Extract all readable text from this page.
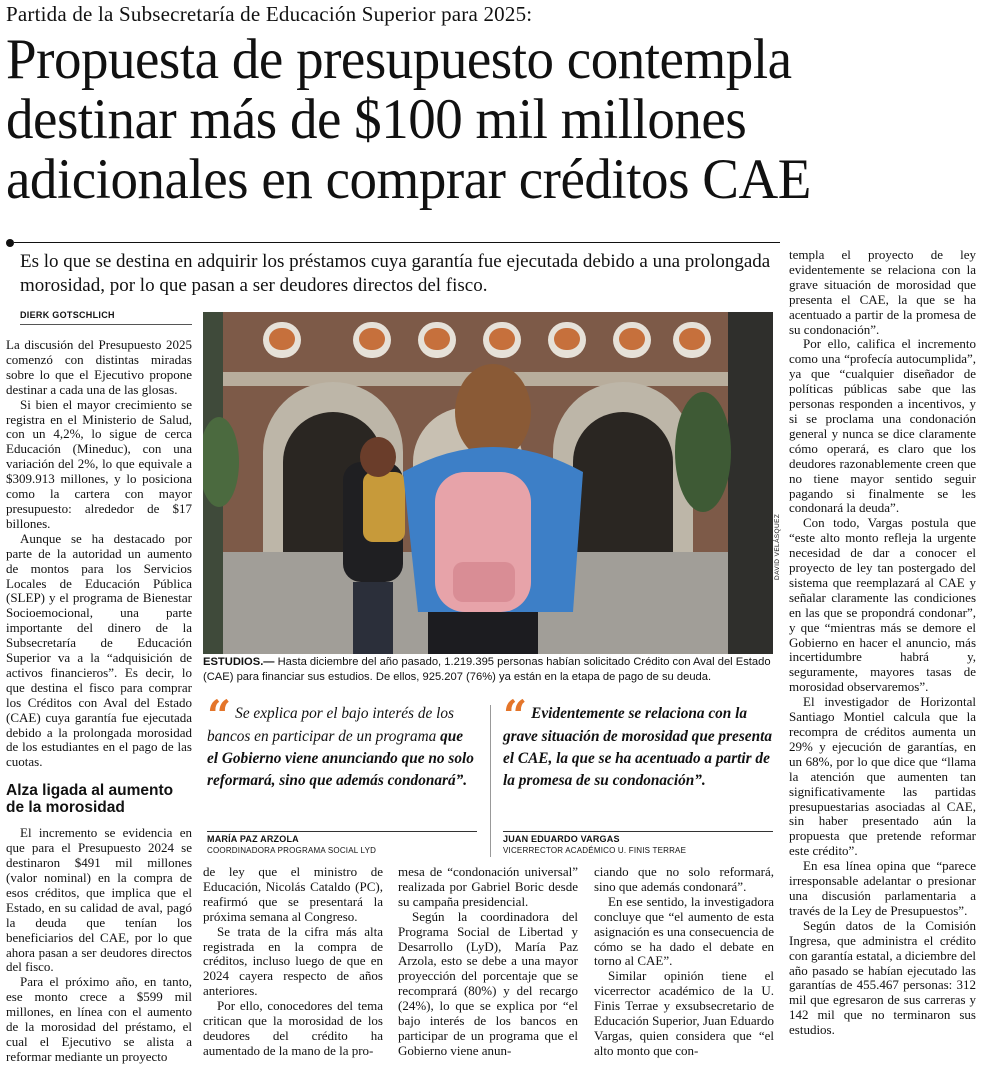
Partida de la Subsecretaría de Educación Superior para 2025:
Propuesta de presupuesto contempla destinar más de $100 mil millones adicionales en comprar créditos CAE
Es lo que se destina en adquirir los préstamos cuya garantía fue ejecutada debido a una prolongada morosidad, por lo que pasan a ser deudores directos del fisco.
DIERK GOTSCHLICH
DAVID VELÁSQUEZ
ESTUDIOS.— Hasta diciembre del año pasado, 1.219.395 personas habían solicitado Crédito con Aval del Estado (CAE) para financiar sus estudios. De ellos, 925.207 (76%) ya están en la etapa de pago de su deuda.
“ Se explica por el bajo interés de los bancos en participar de un programa que el Gobierno viene anunciando que no solo reformará, sino que además condonará”.
MARÍA PAZ ARZOLA
COORDINADORA PROGRAMA SOCIAL LYD
“ Evidentemente se relaciona con la grave situación de morosidad que presenta el CAE, la que se ha acentuado a partir de la promesa de su condonación”.
JUAN EDUARDO VARGAS
VICERRECTOR ACADÉMICO U. FINIS TERRAE

La discusión del Presupuesto 2025 comenzó con distintas miradas sobre lo que el Ejecutivo propone destinar a cada una de las glosas.

Si bien el mayor crecimiento se registra en el Ministerio de Salud, con un 4,2%, lo sigue de cerca Educación (Mineduc), con una variación del 2%, lo que equivale a $309.913 millones, y lo posiciona como la cartera con mayor presupuesto: alrededor de $17 billones.

Aunque se ha destacado por parte de la autoridad un aumento de montos para los Servicios Locales de Educación Pública (SLEP) y el programa de Bienestar Socioemocional, una parte importante del dinero de la Subsecretaría de Educación Superior va a la “adquisición de activos financieros”. Es decir, lo que destina el fisco para comprar los Créditos con Aval del Estado (CAE) cuya garantía fue ejecutada debido a la prolongada morosidad de los estudiantes en el pago de las cuotas.

Alza ligada al aumento de la morosidad

El incremento se evidencia en que para el Presupuesto 2024 se destinaron $491 mil millones (valor nominal) en la compra de esos créditos, que implica que el Estado, en su calidad de aval, pagó la deuda que tenían los beneficiarios del CAE, por lo que ahora pasan a ser deudores directos del fisco.

Para el próximo año, en tanto, ese monto crece a $599 mil millones, en línea con el aumento de la morosidad del préstamo, el cual el Ejecutivo se alista a reformar mediante un proyecto

de ley que el ministro de Educación, Nicolás Cataldo (PC), reafirmó que se presentará la próxima semana al Congreso.

Se trata de la cifra más alta registrada en la compra de créditos, incluso luego de que en 2024 cayera respecto de años anteriores.

Por ello, conocedores del tema critican que la morosidad de los deudores del crédito ha aumentado de la mano de la pro-

mesa de “condonación universal” realizada por Gabriel Boric desde su campaña presidencial.

Según la coordinadora del Programa Social de Libertad y Desarrollo (LyD), María Paz Arzola, esto se debe a una mayor proyección del porcentaje que se recomprará (80%) y del recargo (24%), lo que se explica por “el bajo interés de los bancos en participar de un programa que el Gobierno viene anun-

ciando que no solo reformará, sino que además condonará”.

En ese sentido, la investigadora concluye que “el aumento de esta asignación es una consecuencia de cómo se ha dado el debate en torno al CAE”.

Similar opinión tiene el vicerrector académico de la U. Finis Terrae y exsubsecretario de Educación Superior, Juan Eduardo Vargas, quien considera que “el alto monto que con-

templa el proyecto de ley evidentemente se relaciona con la grave situación de morosidad que presenta el CAE, la que se ha acentuado a partir de la promesa de su condonación”.

Por ello, califica el incremento como una “profecía autocumplida”, ya que “cualquier diseñador de políticas públicas sabe que las personas responden a incentivos, y si se proclama una condonación general y nunca se dice claramente cómo operará, es claro que los deudores razonablemente creen que no tiene mayor sentido seguir pagando si finalmente se les condonará la deuda”.

Con todo, Vargas postula que “este alto monto refleja la urgente necesidad de dar a conocer el proyecto de ley tan postergado del sistema que reemplazará al CAE y señalar claramente las condiciones en las que se propondrá condonar”, y que “mientras más se demore el Gobierno en hacer el anuncio, más incertidumbre habrá y, seguramente, mayores tasas de morosidad observaremos”.

El investigador de Horizontal Santiago Montiel calcula que la recompra de créditos aumenta un 29% y ejecución de garantías, en un 68%, por lo que dice que “llama la atención que aumenten tan significativamente las partidas presupuestarias asociadas al CAE, sin haber presentado aún la propuesta que pretende reformar este crédito”.

En esa línea opina que “parece irresponsable adelantar o presionar una discusión parlamentaria a través de la Ley de Presupuestos”.

Según datos de la Comisión Ingresa, que administra el crédito con garantía estatal, a diciembre del año pasado se habían ejecutado las garantías de 455.467 personas: 312 mil que egresaron de sus carreras y 142 mil que no terminaron sus estudios.
